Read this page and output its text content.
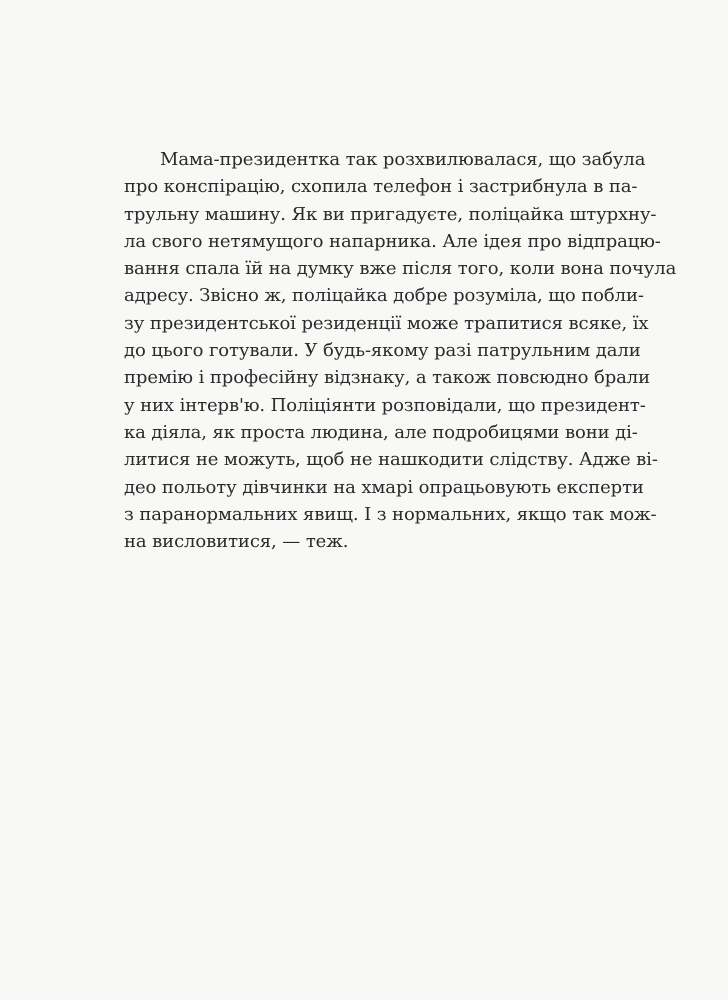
Мама-президентка так розхвилювалася, що забула
про конспірацію, схопила телефон і застрибнула в па-
трульну машину. Як ви пригадуєте, поліцайка штурхну-
ла свого нетямущого напарника. Але ідея про відпрацю-
вання спала їй на думку вже після того, коли вона почула
адресу. Звісно ж, поліцайка добре розуміла, що побли-
зу президентської резиденції може трапитися всяке, їх
до цього готували. У будь-якому разі патрульним дали
премію і професійну відзнаку, а також повсюдно брали
у них інтерв'ю. Поліціянти розповідали, що президент-
ка діяла, як проста людина, але подробицями вони ді-
литися не можуть, щоб не нашкодити слідству. Адже ві-
део польоту дівчинки на хмарі опрацьовують експерти
з паранормальних явищ. І з нормальних, якщо так мож-
на висловитися, — теж.
